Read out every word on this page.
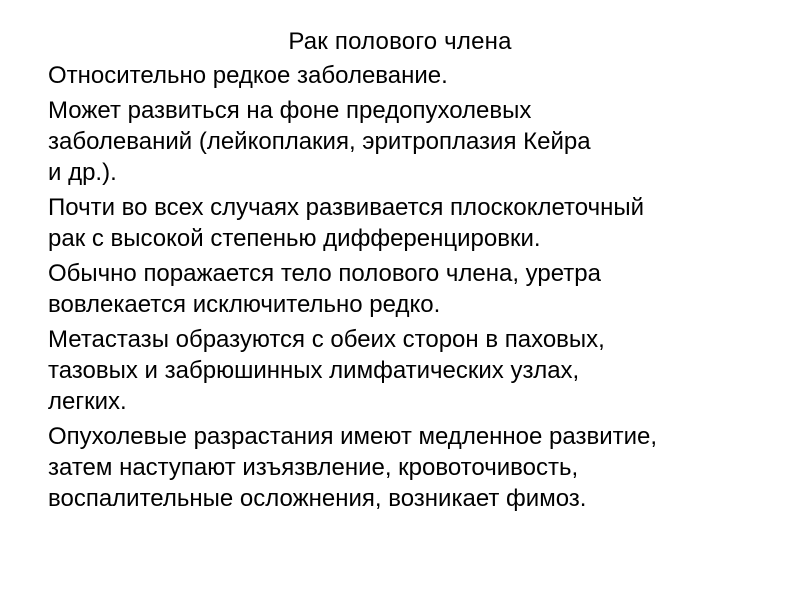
Рак полового члена
Относительно редкое заболевание.
Может развиться на фоне предопухолевых
заболеваний (лейкоплакия, эритроплазия Кейра
и др.).
Почти во всех случаях развивается плоскоклеточный
рак с высокой степенью дифференцировки.
Обычно поражается тело полового члена, уретра
вовлекается исключительно редко.
Метастазы образуются с обеих сторон в паховых,
тазовых и забрюшинных лимфатических узлах,
легких.
Опухолевые разрастания имеют медленное развитие,
затем наступают изъязвление, кровоточивость,
воспалительные осложнения, возникает фимоз.
